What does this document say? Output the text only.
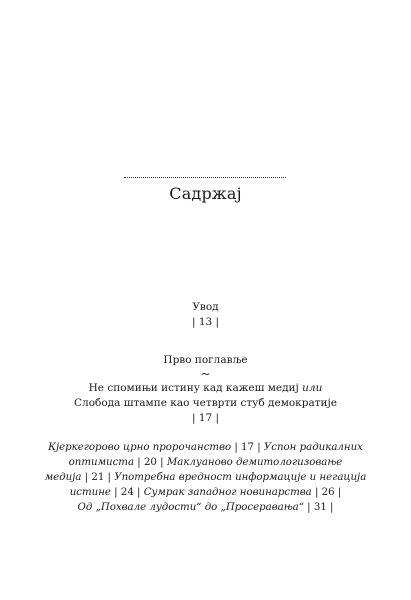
Садржај
Увод
| 13 |
Прво поглавље
~
Не спомињи истину кад кажеш медиј или
Слобода штампе као четврти стуб демократије
| 17 |
Кјеркегорово црно пророчанство | 17 | Успон радикалних
оптимиста | 20 | Маклуаново демитологизовање
медија | 21 | Употребна вредност информације и негација
истине | 24 | Сумрак западног новинарства | 26 |
Од „Похвале лудости“ до „Просеравања“ | 31 |
